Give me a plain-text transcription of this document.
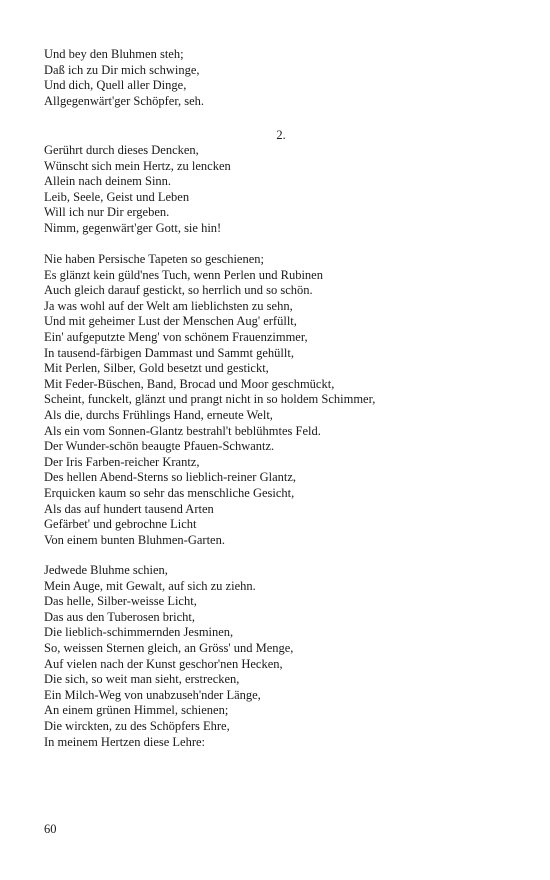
Und bey den Bluhmen steh;
Daß ich zu Dir mich schwinge,
Und dich, Quell aller Dinge,
Allgegenwärt'ger Schöpfer, seh.
2.
Gerührt durch dieses Dencken,
Wünscht sich mein Hertz, zu lencken
Allein nach deinem Sinn.
Leib, Seele, Geist und Leben
Will ich nur Dir ergeben.
Nimm, gegenwärt'ger Gott, sie hin!
Nie haben Persische Tapeten so geschienen;
Es glänzt kein güld'nes Tuch, wenn Perlen und Rubinen
Auch gleich darauf gestickt, so herrlich und so schön.
Ja was wohl auf der Welt am lieblichsten zu sehn,
Und mit geheimer Lust der Menschen Aug' erfüllt,
Ein' aufgeputzte Meng' von schönem Frauenzimmer,
In tausend-färbigen Dammast und Sammt gehüllt,
Mit Perlen, Silber, Gold besetzt und gestickt,
Mit Feder-Büschen, Band, Brocad und Moor geschmückt,
Scheint, funckelt, glänzt und prangt nicht in so holdem Schimmer,
Als die, durchs Frühlings Hand, erneute Welt,
Als ein vom Sonnen-Glantz bestrahl't beblühmtes Feld.
Der Wunder-schön beaugte Pfauen-Schwantz.
Der Iris Farben-reicher Krantz,
Des hellen Abend-Sterns so lieblich-reiner Glantz,
Erquicken kaum so sehr das menschliche Gesicht,
Als das auf hundert tausend Arten
Gefärbet' und gebrochne Licht
Von einem bunten Bluhmen-Garten.
Jedwede Bluhme schien,
Mein Auge, mit Gewalt, auf sich zu ziehn.
Das helle, Silber-weisse Licht,
Das aus den Tuberosen bricht,
Die lieblich-schimmernden Jesminen,
So, weissen Sternen gleich, an Gröss' und Menge,
Auf vielen nach der Kunst geschor'nen Hecken,
Die sich, so weit man sieht, erstrecken,
Ein Milch-Weg von unabzuseh'nder Länge,
An einem grünen Himmel, schienen;
Die wirckten, zu des Schöpfers Ehre,
In meinem Hertzen diese Lehre:
60
